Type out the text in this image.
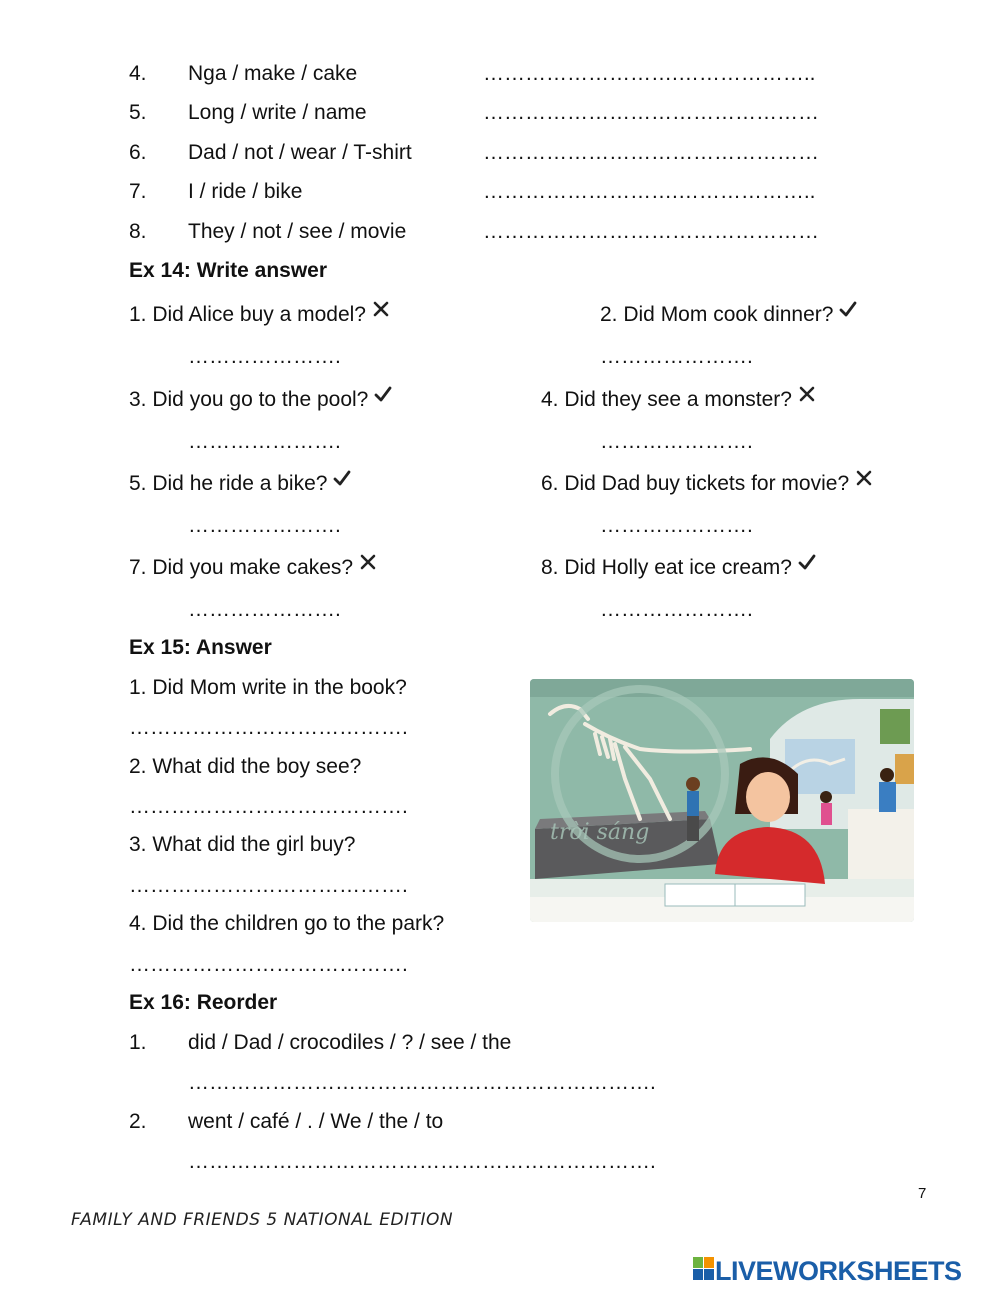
4. Nga / make / cake	……………………….………………..
5. Long / write / name	…………………………………………
6. Dad / not / wear / T-shirt	…………………………………………
7. I / ride / bike	……………………….………………..
8. They / not / see / movie	…………………………………………
Ex 14: Write answer
1. Did Alice buy a model?
………………….
2. Did Mom cook dinner?
………………….
3. Did you go to the pool?
………………….
4. Did they see a monster?
………………….
5. Did he ride a bike?
………………….
6. Did Dad buy tickets for movie?
………………….
7. Did you make cakes?
………………….
8. Did Holly eat ice cream?
………………….
Ex 15: Answer
1. Did Mom write in the book?
………………………………….
2. What did the boy see?
………………………………….
3. What did the girl buy?
………………………………….
4. Did the children go to the park?
………………………………….
trời sáng
Ex 16: Reorder
1. did / Dad / crocodiles / ? / see / the
………………………………………………………….
2. went / café / . / We / the / to
………………………………………………………….
7
FAMILY AND FRIENDS 5 NATIONAL EDITION
LIVEWORKSHEETS
